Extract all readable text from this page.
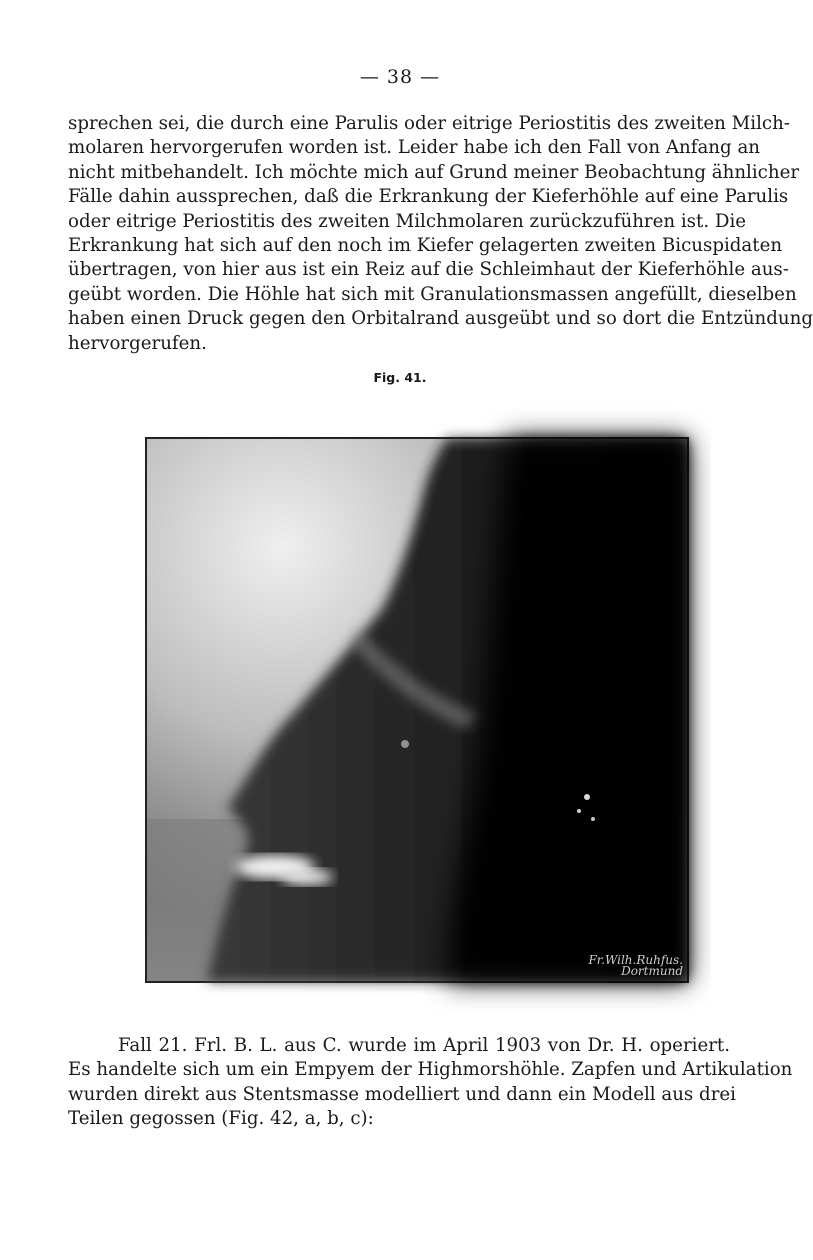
— 38 —
sprechen sei, die durch eine Parulis oder eitrige Periostitis des zweiten Milch-
molaren hervorgerufen worden ist. Leider habe ich den Fall von Anfang an
nicht mitbehandelt. Ich möchte mich auf Grund meiner Beobachtung ähnlicher
Fälle dahin aussprechen, daß die Erkrankung der Kieferhöhle auf eine Parulis
oder eitrige Periostitis des zweiten Milchmolaren zurückzuführen ist. Die
Erkrankung hat sich auf den noch im Kiefer gelagerten zweiten Bicuspidaten
übertragen, von hier aus ist ein Reiz auf die Schleimhaut der Kieferhöhle aus-
geübt worden. Die Höhle hat sich mit Granulationsmassen angefüllt, dieselben
haben einen Druck gegen den Orbitalrand ausgeübt und so dort die Entzündung
hervorgerufen.
Fig. 41.
Fr.Wilh.Ruhfus.
Dortmund
Fall 21. Frl. B. L. aus C. wurde im April 1903 von Dr. H. operiert.
Es handelte sich um ein Empyem der Highmorshöhle. Zapfen und Artikulation
wurden direkt aus Stentsmasse modelliert und dann ein Modell aus drei
Teilen gegossen (Fig. 42, a, b, c):
